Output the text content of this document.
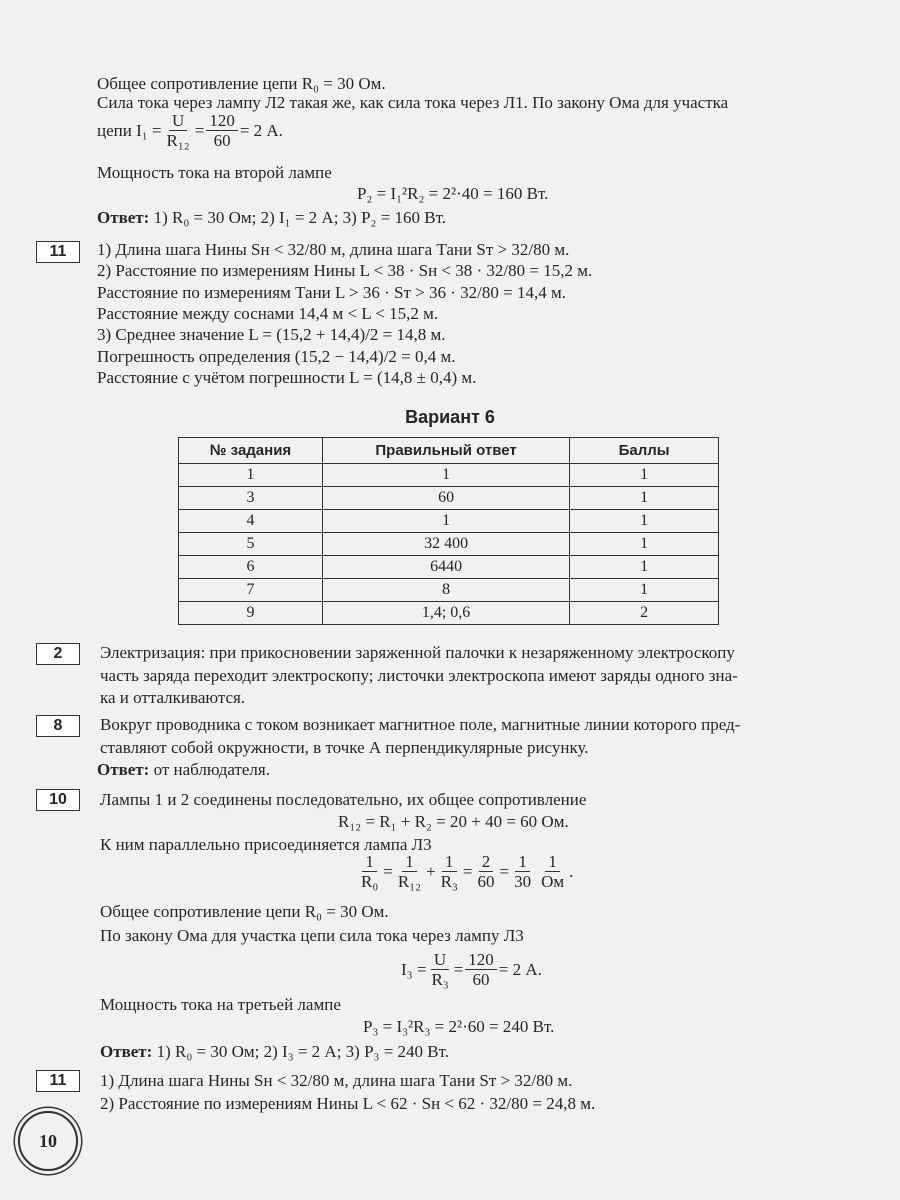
Общее сопротивление цепи R₀ = 30 Ом.
Сила тока через лампу Л2 такая же, как сила тока через Л1. По закону Ома для участка
цепи $I_1 = \frac{U}{\text{R₁₂}} = \frac{120}{60} = 2$ А.
Мощность тока на второй лампе
P₂ = I₁²R₂ = 2²·40 = 160 Вт.
Ответ: 1) R₀ = 30 Ом; 2) I₁ = 2 А; 3) P₂ = 160 Вт.
11	1) Длина шага Нины Sн < 32/80 м, длина шага Тани Sт > 32/80 м.
2) Расстояние по измерениям Нины L < 38 · Sн < 38 · 32/80 = 15,2 м.
Расстояние по измерениям Тани L > 36 · Sт > 36 · 32/80 = 14,4 м.
Расстояние между соснами 14,4 м < L < 15,2 м.
3) Среднее значение L = (15,2 + 14,4)/2 = 14,8 м.
Погрешность определения (15,2 − 14,4)/2 = 0,4 м.
Расстояние с учётом погрешности L = (14,8 ± 0,4) м.
Вариант 6
№ задания	Правильный ответ	Баллы
1	1	1
3	60	1
4	1	1
5	32 400	1
6	6440	1
7	8	1
9	1,4; 0,6	2
2	Электризация: при прикосновении заряженной палочки к незаряженному электроскопу
часть заряда переходит электроскопу; листочки электроскопа имеют заряды одного зна-
ка и отталкиваются.
8	Вокруг проводника с током возникает магнитное поле, магнитные линии которого пред-
ставляют собой окружности, в точке А перпендикулярные рисунку.
Ответ: от наблюдателя.
10	Лампы 1 и 2 соединены последовательно, их общее сопротивление
R₁₂ = R₁ + R₂ = 20 + 40 = 60 Ом.
К ним параллельно присоединяется лампа Л3
$\frac{1}{\text{R₀}} = \frac{1}{\text{R₁₂}} + \frac{1}{\text{R₃}} = \frac{2}{60} = \frac{1}{30} \frac{1}{Ом}$ .
Общее сопротивление цепи R₀ = 30 Ом.
По закону Ома для участка цепи сила тока через лампу Л3
$I_3 = \frac{U}{\text{R₃}} = \frac{120}{60} = 2$ А.
Мощность тока на третьей лампе
P₃ = I₃²R₃ = 2²·60 = 240 Вт.
Ответ: 1) R₀ = 30 Ом; 2) I₃ = 2 А; 3) P₃ = 240 Вт.
11	1) Длина шага Нины Sн < 32/80 м, длина шага Тани Sт > 32/80 м.
2) Расстояние по измерениям Нины L < 62 · Sн < 62 · 32/80 = 24,8 м.
10
